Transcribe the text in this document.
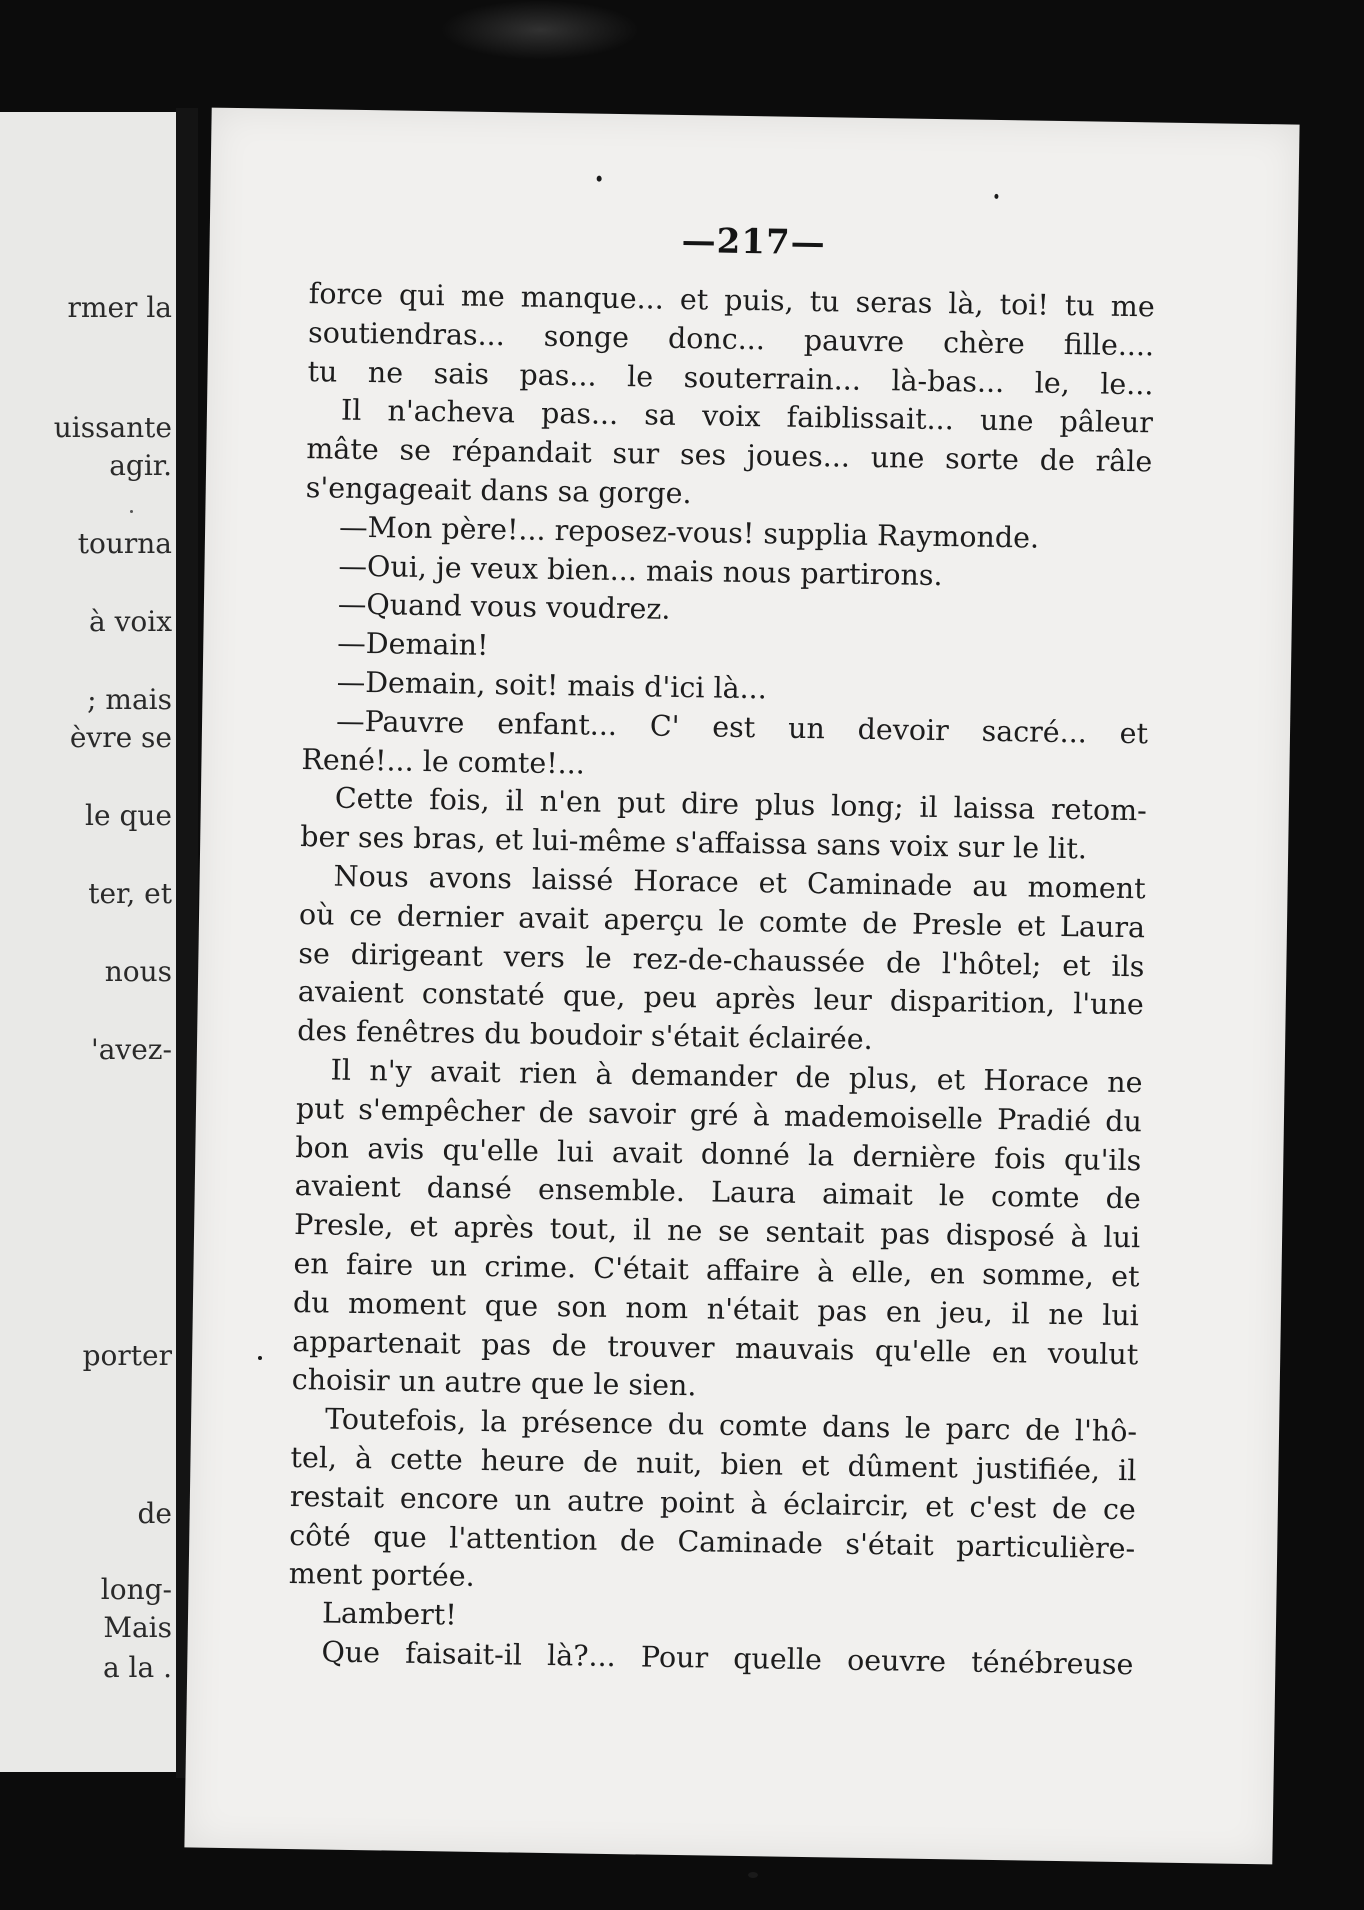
rmer la
uissante
agir.
tourna
à voix
; mais
èvre se
le que
ter, et
nous
'avez-
porter
de
long-
Mais
a la .
—217—
force qui me manque... et puis, tu seras là, toi! tu me
soutiendras... songe donc... pauvre chère fille....
tu ne sais pas... le souterrain... là-bas... le, le...
Il n'acheva pas... sa voix faiblissait... une pâleur
mâte se répandait sur ses joues... une sorte de râle
s'engageait dans sa gorge.
—Mon père!... reposez-vous! supplia Raymonde.
—Oui, je veux bien... mais nous partirons.
—Quand vous voudrez.
—Demain!
—Demain, soit! mais d'ici là...
—Pauvre enfant... C' est un devoir sacré... et
René!... le comte!...
Cette fois, il n'en put dire plus long; il laissa retom-
ber ses bras, et lui-même s'affaissa sans voix sur le lit.
Nous avons laissé Horace et Caminade au moment
où ce dernier avait aperçu le comte de Presle et Laura
se dirigeant vers le rez-de-chaussée de l'hôtel; et ils
avaient constaté que, peu après leur disparition, l'une
des fenêtres du boudoir s'était éclairée.
Il n'y avait rien à demander de plus, et Horace ne
put s'empêcher de savoir gré à mademoiselle Pradié du
bon avis qu'elle lui avait donné la dernière fois qu'ils
avaient dansé ensemble. Laura aimait le comte de
Presle, et après tout, il ne se sentait pas disposé à lui
en faire un crime. C'était affaire à elle, en somme, et
du moment que son nom n'était pas en jeu, il ne lui
appartenait pas de trouver mauvais qu'elle en voulut
choisir un autre que le sien.
Toutefois, la présence du comte dans le parc de l'hô-
tel, à cette heure de nuit, bien et dûment justifiée, il
restait encore un autre point à éclaircir, et c'est de ce
côté que l'attention de Caminade s'était particulière-
ment portée.
Lambert!
Que faisait-il là?... Pour quelle oeuvre ténébreuse
